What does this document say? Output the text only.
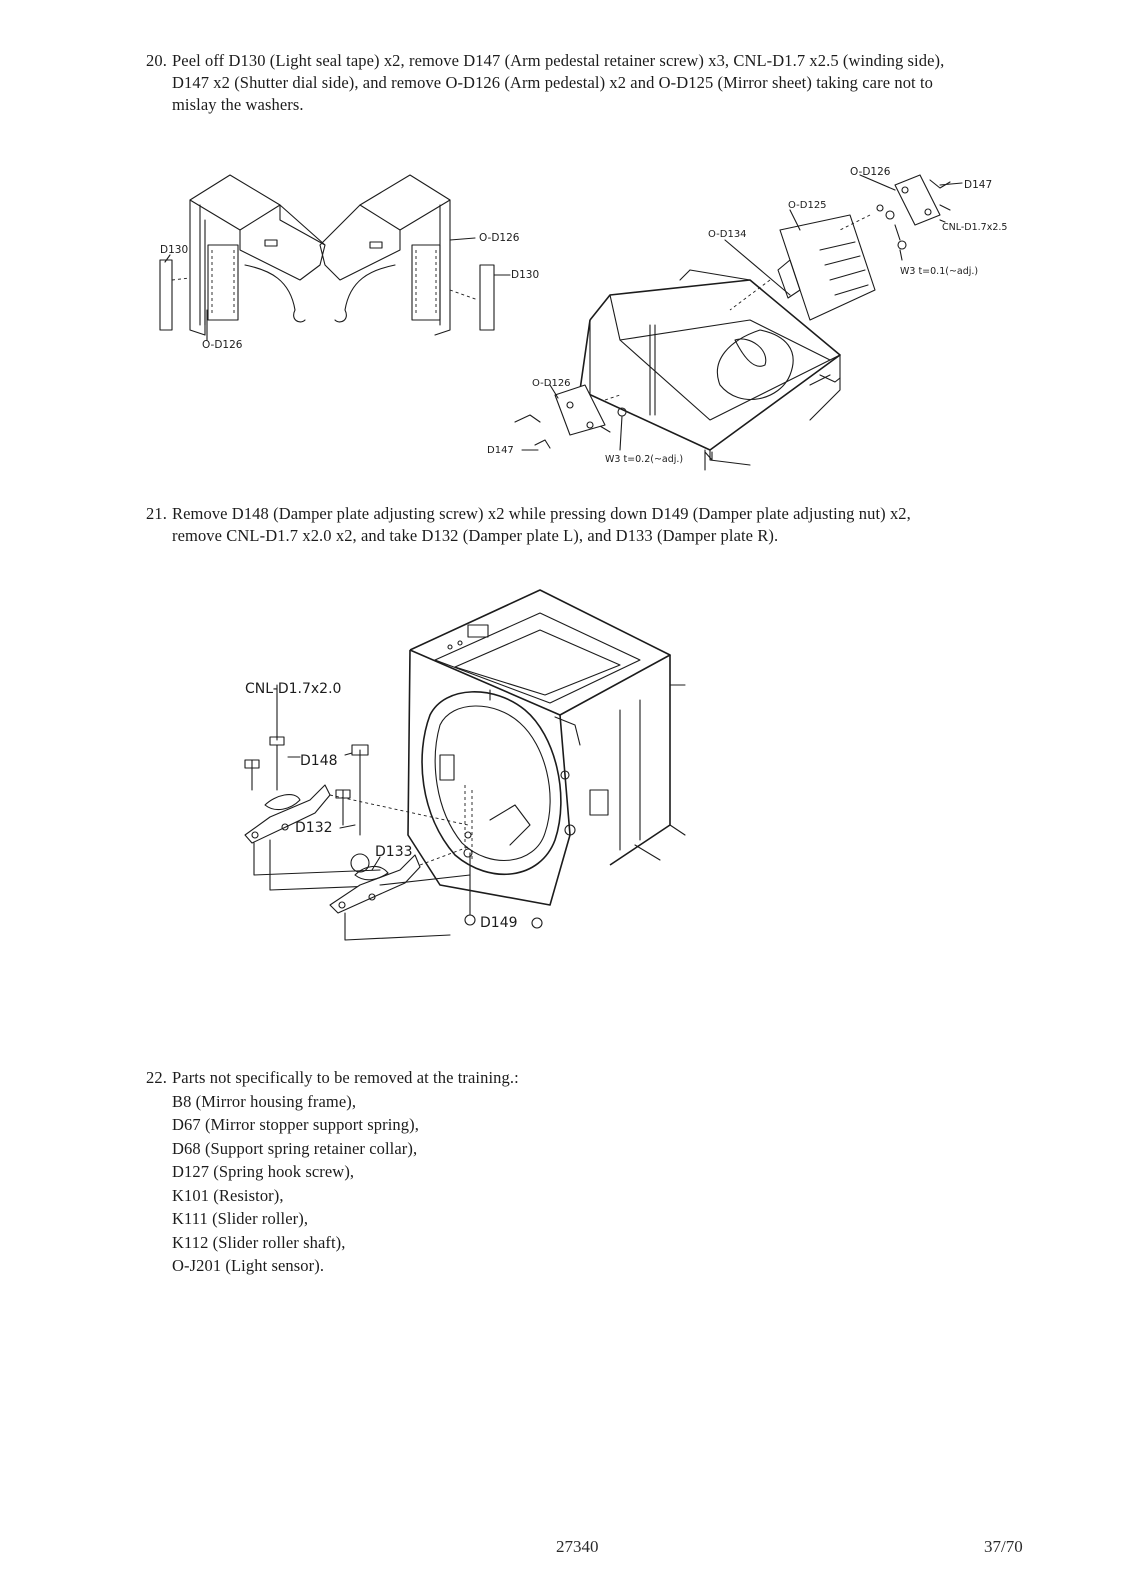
20. Peel off D130 (Light seal tape) x2, remove D147 (Arm pedestal retainer screw) x3, CNL-D1.7 x2.5 (winding side),
D147 x2 (Shutter dial side), and remove O-D126 (Arm pedestal) x2 and O-D125 (Mirror sheet) taking care not to
mislay the washers.
D130
O-D126
O-D126
D130
O-D126
D147
O-D125
O-D134
CNL-D1.7x2.5
W3 t=0.1(~adj.)
O-D126
D147
W3 t=0.2(~adj.)
21. Remove D148 (Damper plate adjusting screw) x2 while pressing down D149 (Damper plate adjusting nut) x2,
remove CNL-D1.7 x2.0 x2, and take D132 (Damper plate L), and D133 (Damper plate R).
CNL-D1.7x2.0
D148
D132
D133
D149
22. Parts not specifically to be removed at the training.:
B8 (Mirror housing frame),
D67 (Mirror stopper support spring),
D68 (Support spring retainer collar),
D127 (Spring hook screw),
K101 (Resistor),
K111 (Slider roller),
K112 (Slider roller shaft),
O-J201 (Light sensor).
27340	37/70
